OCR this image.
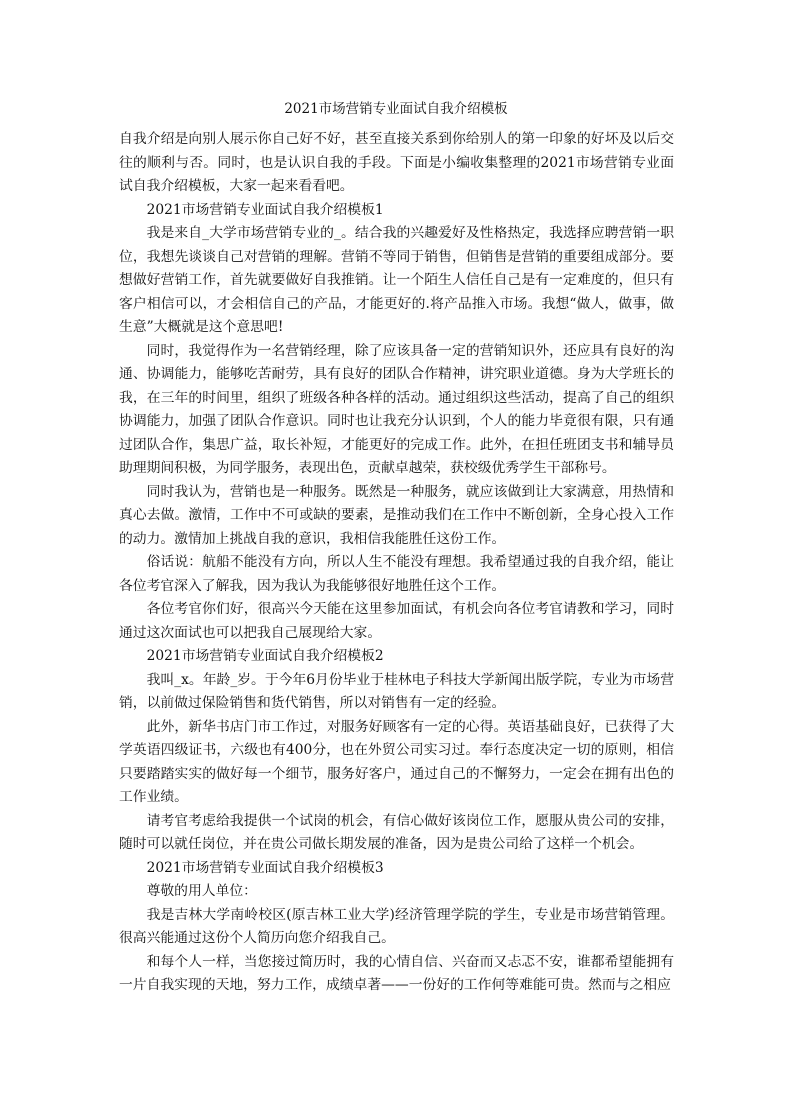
2021市场营销专业面试自我介绍模板

自我介绍是向别人展示你自己好不好，甚至直接关系到你给别人的第一印象的好坏及以后交往的顺利与否。同时，也是认识自我的手段。下面是小编收集整理的2021市场营销专业面试自我介绍模板，大家一起来看看吧。

2021市场营销专业面试自我介绍模板1

我是来自_大学市场营销专业的_。结合我的兴趣爱好及性格热定，我选择应聘营销一职位，我想先谈谈自己对营销的理解。营销不等同于销售，但销售是营销的重要组成部分。要想做好营销工作，首先就要做好自我推销。让一个陌生人信任自己是有一定难度的，但只有客户相信可以，才会相信自己的产品，才能更好的.将产品推入市场。我想“做人，做事，做生意”大概就是这个意思吧!

同时，我觉得作为一名营销经理，除了应该具备一定的营销知识外，还应具有良好的沟通、协调能力，能够吃苦耐劳，具有良好的团队合作精神，讲究职业道德。身为大学班长的我，在三年的时间里，组织了班级各种各样的活动。通过组织这些活动，提高了自己的组织协调能力，加强了团队合作意识。同时也让我充分认识到，个人的能力毕竟很有限，只有通过团队合作，集思广益，取长补短，才能更好的完成工作。此外，在担任班团支书和辅导员助理期间积极，为同学服务，表现出色，贡献卓越荣，获校级优秀学生干部称号。

同时我认为，营销也是一种服务。既然是一种服务，就应该做到让大家满意，用热情和真心去做。激情，工作中不可或缺的要素，是推动我们在工作中不断创新，全身心投入工作的动力。激情加上挑战自我的意识，我相信我能胜任这份工作。

俗话说：航船不能没有方向，所以人生不能没有理想。我希望通过我的自我介绍，能让各位考官深入了解我，因为我认为我能够很好地胜任这个工作。

各位考官你们好，很高兴今天能在这里参加面试，有机会向各位考官请教和学习，同时通过这次面试也可以把我自己展现给大家。

2021市场营销专业面试自我介绍模板2

我叫_x。年龄_岁。于今年6月份毕业于桂林电子科技大学新闻出版学院，专业为市场营销，以前做过保险销售和货代销售，所以对销售有一定的经验。

此外，新华书店门市工作过，对服务好顾客有一定的心得。英语基础良好，已获得了大学英语四级证书，六级也有400分，也在外贸公司实习过。奉行态度决定一切的原则，相信只要踏踏实实的做好每一个细节，服务好客户，通过自己的不懈努力，一定会在拥有出色的工作业绩。

请考官考虑给我提供一个试岗的机会，有信心做好该岗位工作，愿服从贵公司的安排，随时可以就任岗位，并在贵公司做长期发展的准备，因为是贵公司给了这样一个机会。

2021市场营销专业面试自我介绍模板3

尊敬的用人单位：

我是吉林大学南岭校区(原吉林工业大学)经济管理学院的学生，专业是市场营销管理。很高兴能通过这份个人简历向您介绍我自己。

和每个人一样，当您接过简历时，我的心情自信、兴奋而又忐忑不安，谁都希望能拥有一片自我实现的天地，努力工作，成绩卓著——一份好的工作何等难能可贵。然而与之相应
